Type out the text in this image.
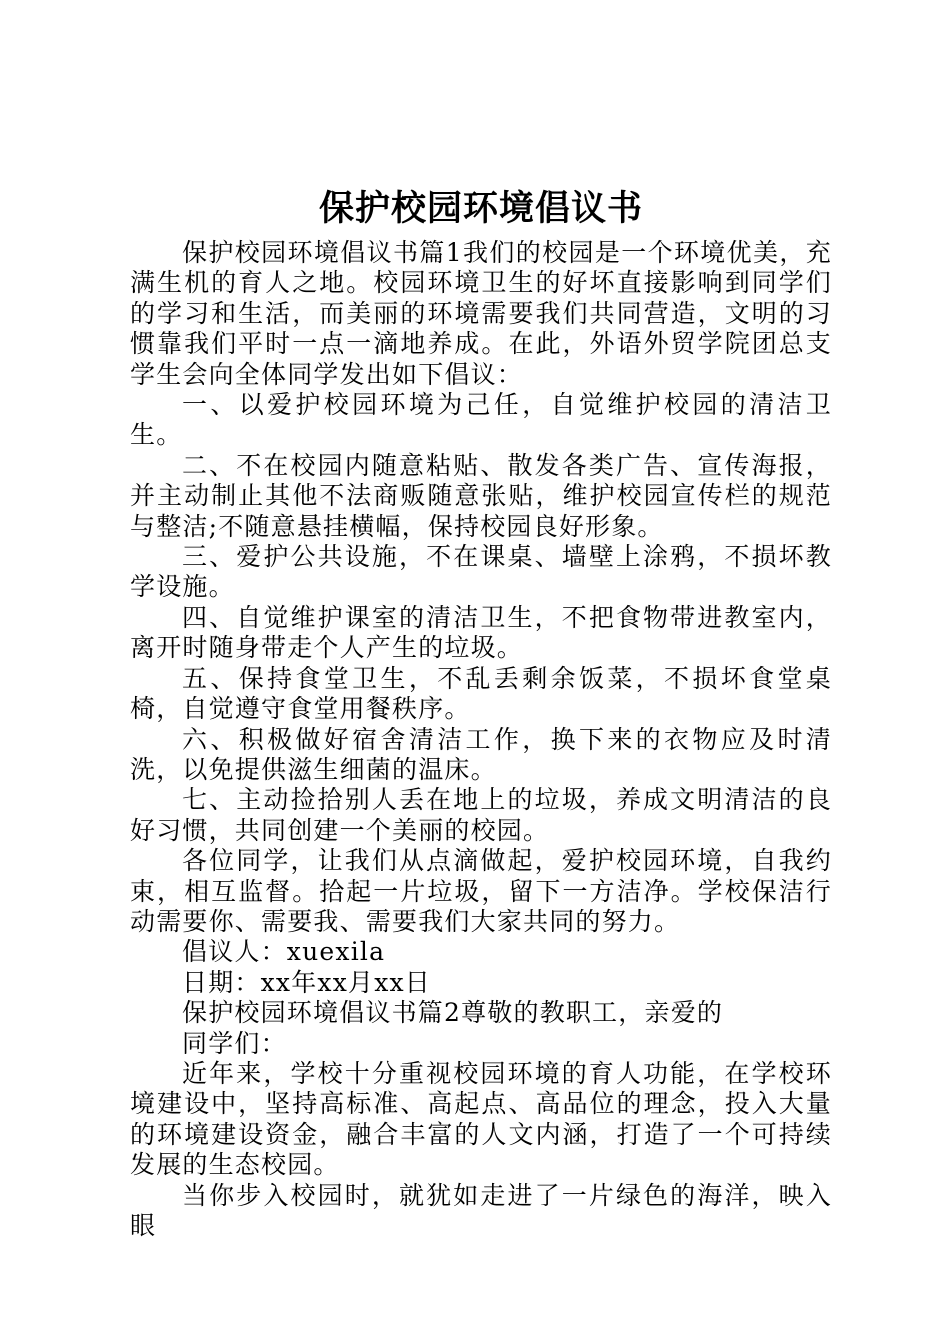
保护校园环境倡议书

保护校园环境倡议书篇1我们的校园是一个环境优美，充满生机的育人之地。校园环境卫生的好坏直接影响到同学们的学习和生活，而美丽的环境需要我们共同营造，文明的习惯靠我们平时一点一滴地养成。在此，外语外贸学院团总支学生会向全体同学发出如下倡议：

一、以爱护校园环境为己任，自觉维护校园的清洁卫生。

二、不在校园内随意粘贴、散发各类广告、宣传海报，并主动制止其他不法商贩随意张贴，维护校园宣传栏的规范与整洁;不随意悬挂横幅，保持校园良好形象。

三、爱护公共设施，不在课桌、墙壁上涂鸦，不损坏教学设施。

四、自觉维护课室的清洁卫生，不把食物带进教室内，离开时随身带走个人产生的垃圾。

五、保持食堂卫生，不乱丢剩余饭菜，不损坏食堂桌椅，自觉遵守食堂用餐秩序。

六、积极做好宿舍清洁工作，换下来的衣物应及时清洗，以免提供滋生细菌的温床。

七、主动捡拾别人丢在地上的垃圾，养成文明清洁的良好习惯，共同创建一个美丽的校园。

各位同学，让我们从点滴做起，爱护校园环境，自我约束，相互监督。拾起一片垃圾，留下一方洁净。学校保洁行动需要你、需要我、需要我们大家共同的努力。

倡议人：xuexila

日期：xx年xx月xx日

保护校园环境倡议书篇2尊敬的教职工，亲爱的

同学们：

近年来，学校十分重视校园环境的育人功能，在学校环境建设中，坚持高标准、高起点、高品位的理念，投入大量的环境建设资金，融合丰富的人文内涵，打造了一个可持续发展的生态校园。

当你步入校园时，就犹如走进了一片绿色的海洋，映入眼
